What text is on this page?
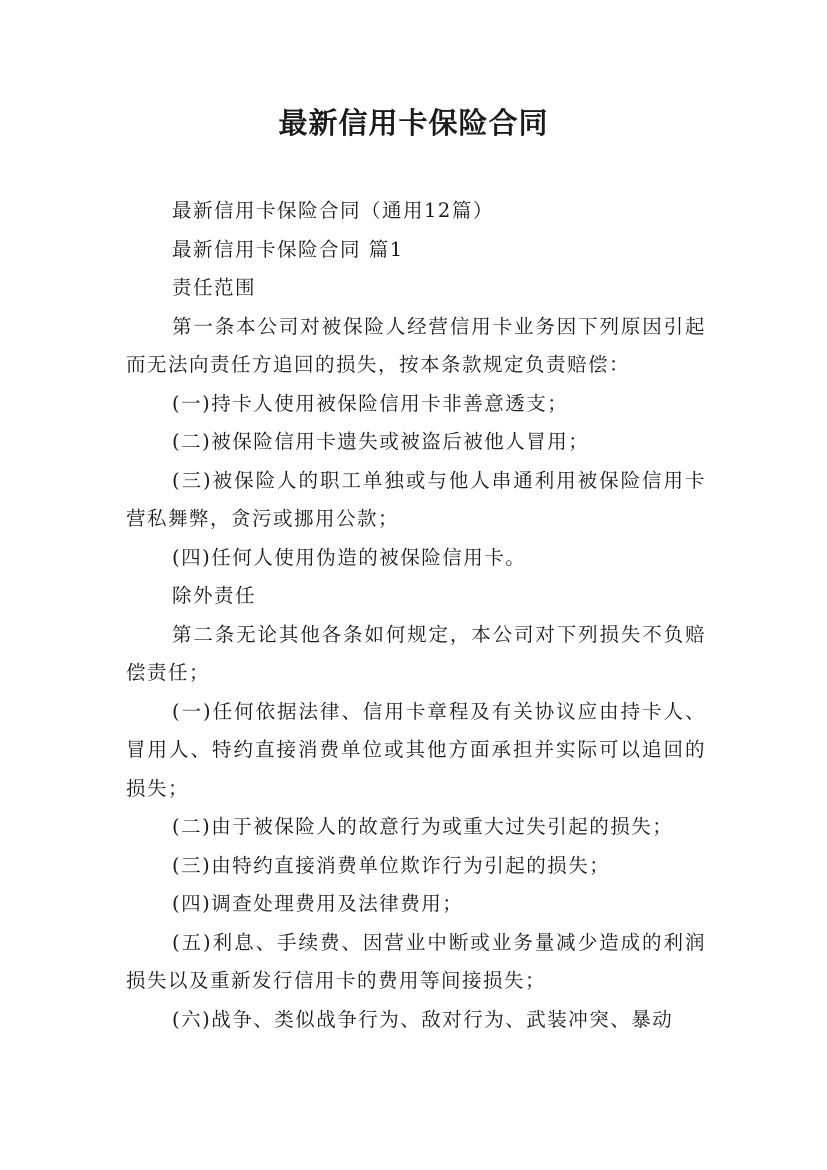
最新信用卡保险合同

最新信用卡保险合同（通用12篇）

最新信用卡保险合同 篇1

责任范围

第一条本公司对被保险人经营信用卡业务因下列原因引起而无法向责任方追回的损失，按本条款规定负责赔偿：

(一)持卡人使用被保险信用卡非善意透支；

(二)被保险信用卡遗失或被盗后被他人冒用；

(三)被保险人的职工单独或与他人串通利用被保险信用卡营私舞弊，贪污或挪用公款；

(四)任何人使用伪造的被保险信用卡。

除外责任

第二条无论其他各条如何规定，本公司对下列损失不负赔偿责任；

(一)任何依据法律、信用卡章程及有关协议应由持卡人、冒用人、特约直接消费单位或其他方面承担并实际可以追回的损失；

(二)由于被保险人的故意行为或重大过失引起的损失；

(三)由特约直接消费单位欺诈行为引起的损失；

(四)调查处理费用及法律费用；

(五)利息、手续费、因营业中断或业务量减少造成的利润损失以及重新发行信用卡的费用等间接损失；

(六)战争、类似战争行为、敌对行为、武装冲突、暴动
